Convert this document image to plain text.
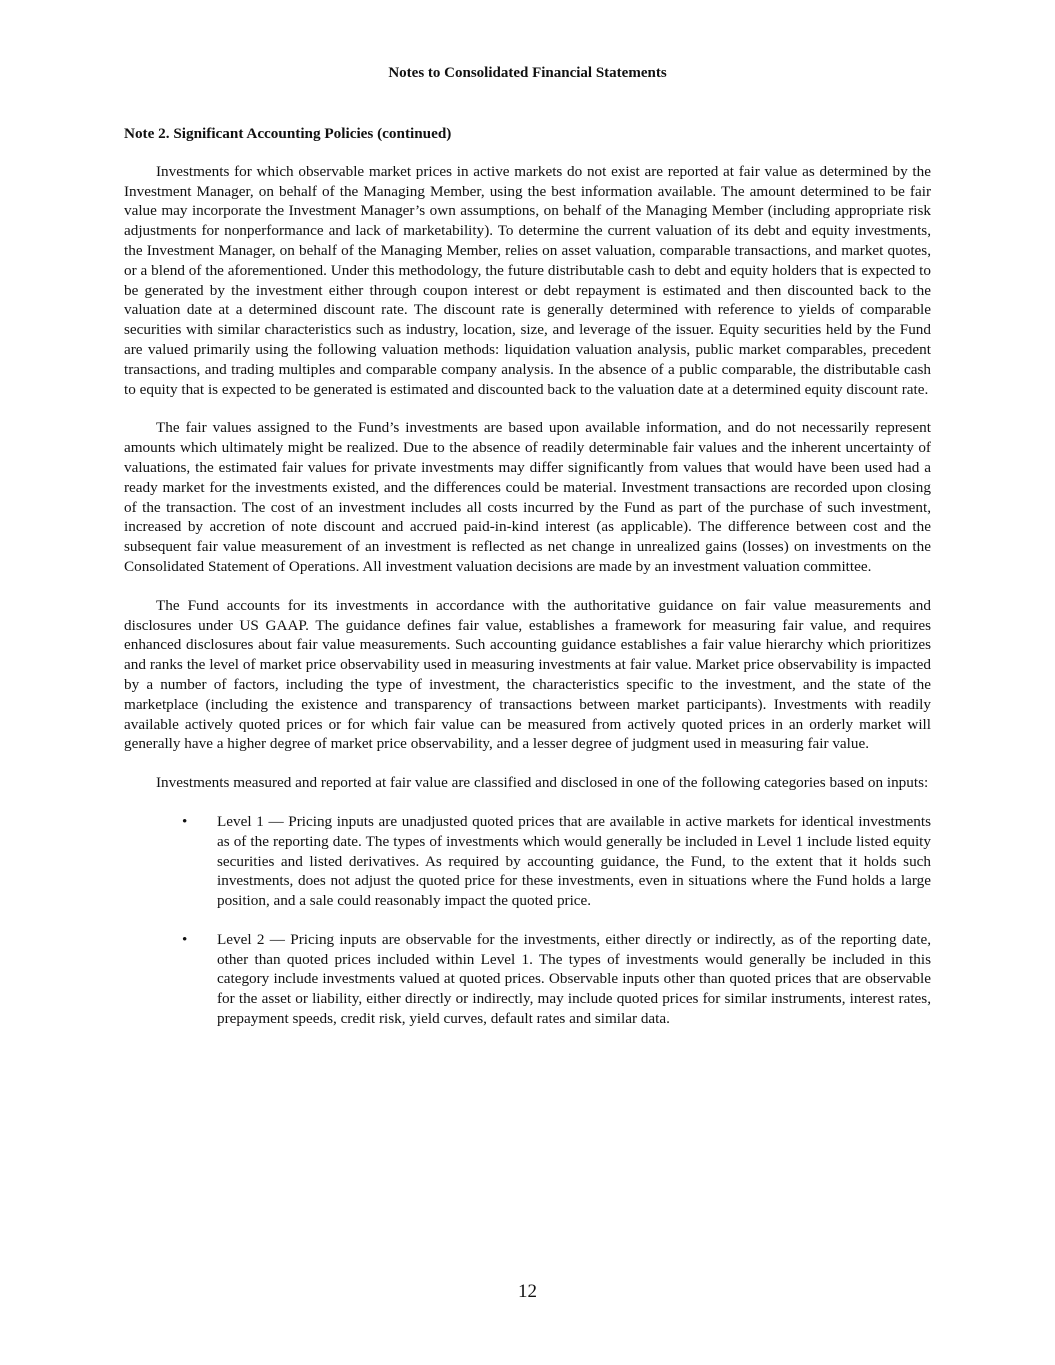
Notes to Consolidated Financial Statements
Note 2. Significant Accounting Policies (continued)

Investments for which observable market prices in active markets do not exist are reported at fair value as determined by the Investment Manager, on behalf of the Managing Member, using the best information available. The amount determined to be fair value may incorporate the Investment Manager’s own assumptions, on behalf of the Managing Member (including appropriate risk adjustments for nonperformance and lack of marketability). To determine the current valuation of its debt and equity investments, the Investment Manager, on behalf of the Managing Member, relies on asset valuation, comparable transactions, and market quotes, or a blend of the aforementioned. Under this methodology, the future distributable cash to debt and equity holders that is expected to be generated by the investment either through coupon interest or debt repayment is estimated and then discounted back to the valuation date at a determined discount rate. The discount rate is generally determined with reference to yields of comparable securities with similar characteristics such as industry, location, size, and leverage of the issuer. Equity securities held by the Fund are valued primarily using the following valuation methods: liquidation valuation analysis, public market comparables, precedent transactions, and trading multiples and comparable company analysis. In the absence of a public comparable, the distributable cash to equity that is expected to be generated is estimated and discounted back to the valuation date at a determined equity discount rate.

The fair values assigned to the Fund’s investments are based upon available information, and do not necessarily represent amounts which ultimately might be realized. Due to the absence of readily determinable fair values and the inherent uncertainty of valuations, the estimated fair values for private investments may differ significantly from values that would have been used had a ready market for the investments existed, and the differences could be material. Investment transactions are recorded upon closing of the transaction. The cost of an investment includes all costs incurred by the Fund as part of the purchase of such investment, increased by accretion of note discount and accrued paid-in-kind interest (as applicable). The difference between cost and the subsequent fair value measurement of an investment is reflected as net change in unrealized gains (losses) on investments on the Consolidated Statement of Operations. All investment valuation decisions are made by an investment valuation committee.

The Fund accounts for its investments in accordance with the authoritative guidance on fair value measurements and disclosures under US GAAP. The guidance defines fair value, establishes a framework for measuring fair value, and requires enhanced disclosures about fair value measurements. Such accounting guidance establishes a fair value hierarchy which prioritizes and ranks the level of market price observability used in measuring investments at fair value. Market price observability is impacted by a number of factors, including the type of investment, the characteristics specific to the investment, and the state of the marketplace (including the existence and transparency of transactions between market participants). Investments with readily available actively quoted prices or for which fair value can be measured from actively quoted prices in an orderly market will generally have a higher degree of market price observability, and a lesser degree of judgment used in measuring fair value.

Investments measured and reported at fair value are classified and disclosed in one of the following categories based on inputs:

• Level 1 — Pricing inputs are unadjusted quoted prices that are available in active markets for identical investments as of the reporting date. The types of investments which would generally be included in Level 1 include listed equity securities and listed derivatives. As required by accounting guidance, the Fund, to the extent that it holds such investments, does not adjust the quoted price for these investments, even in situations where the Fund holds a large position, and a sale could reasonably impact the quoted price.
• Level 2 — Pricing inputs are observable for the investments, either directly or indirectly, as of the reporting date, other than quoted prices included within Level 1. The types of investments would generally be included in this category include investments valued at quoted prices. Observable inputs other than quoted prices that are observable for the asset or liability, either directly or indirectly, may include quoted prices for similar instruments, interest rates, prepayment speeds, credit risk, yield curves, default rates and similar data.
12
